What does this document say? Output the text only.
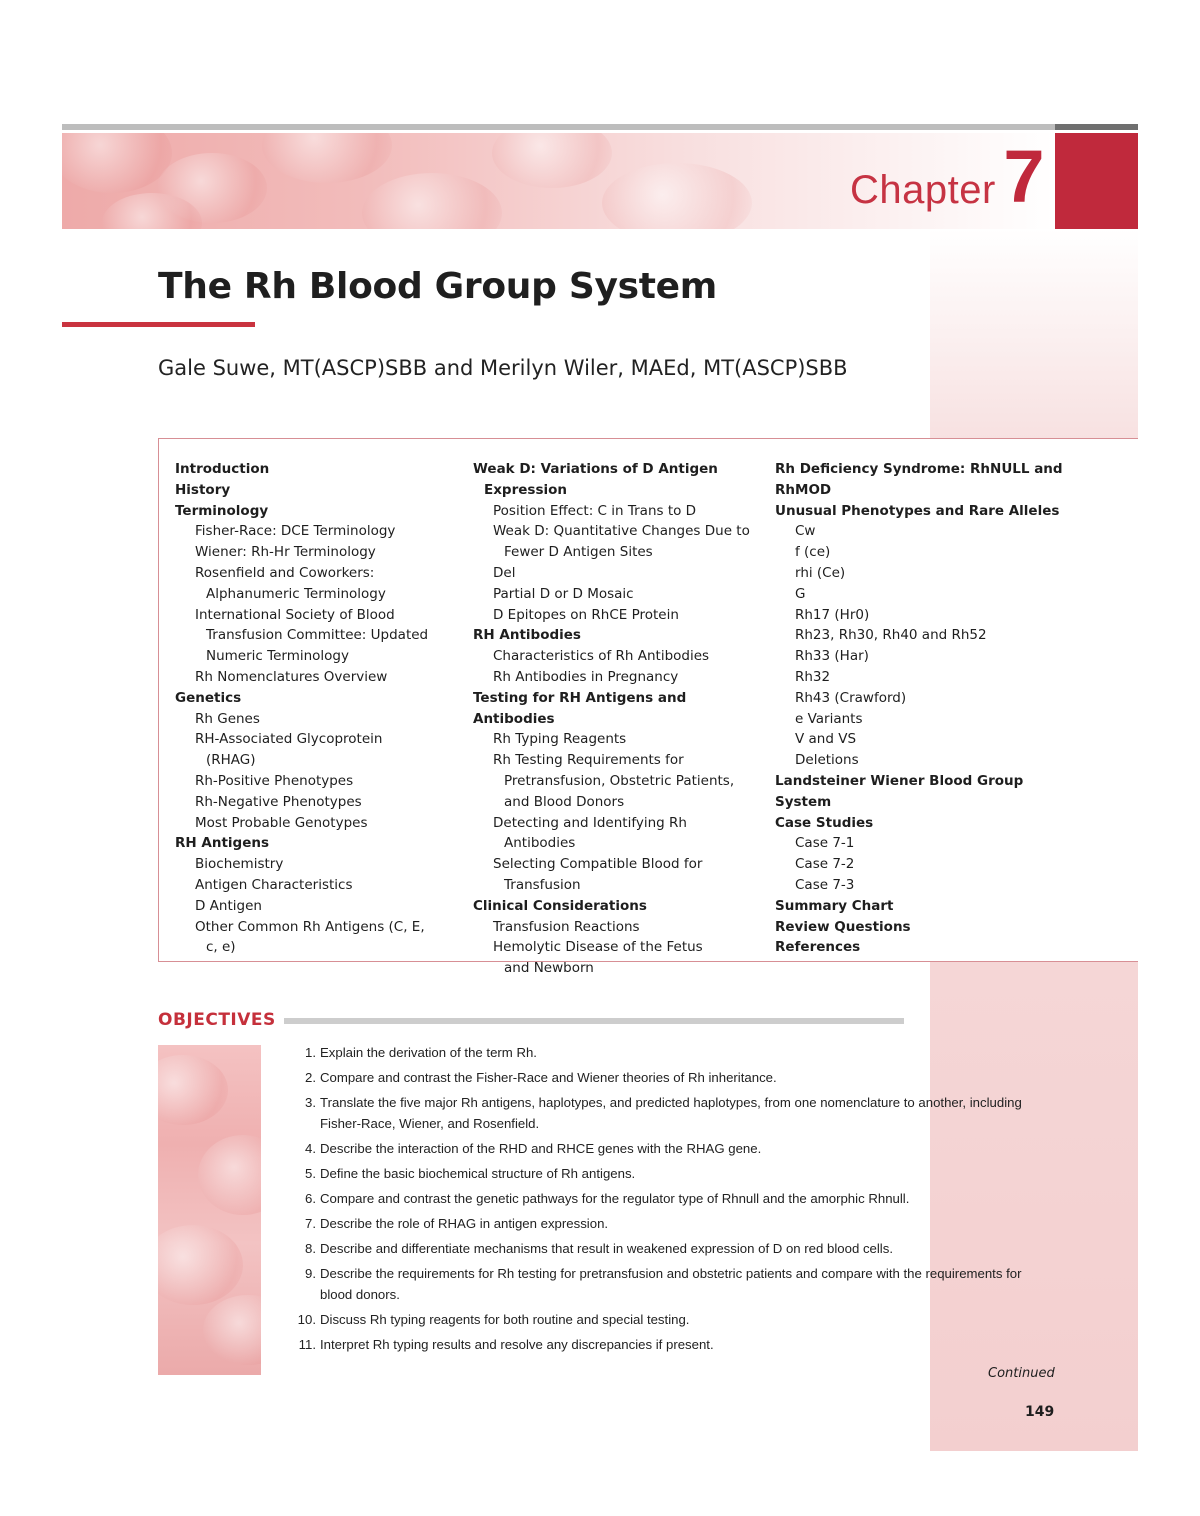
Chapter 7
The Rh Blood Group System
Gale Suwe, MT(ASCP)SBB and Merilyn Wiler, MAEd, MT(ASCP)SBB
Introduction
History
Terminology
Fisher-Race: DCE Terminology
Wiener: Rh-Hr Terminology
Rosenfield and Coworkers:
Alphanumeric Terminology
International Society of Blood
Transfusion Committee: Updated
Numeric Terminology
Rh Nomenclatures Overview
Genetics
Rh Genes
RH-Associated Glycoprotein
(RHAG)
Rh-Positive Phenotypes
Rh-Negative Phenotypes
Most Probable Genotypes
RH Antigens
Biochemistry
Antigen Characteristics
D Antigen
Other Common Rh Antigens (C, E,
c, e)
Weak D: Variations of D Antigen
Expression
Position Effect: C in Trans to D
Weak D: Quantitative Changes Due to
Fewer D Antigen Sites
Del
Partial D or D Mosaic
D Epitopes on RhCE Protein
RH Antibodies
Characteristics of Rh Antibodies
Rh Antibodies in Pregnancy
Testing for RH Antigens and Antibodies
Rh Typing Reagents
Rh Testing Requirements for
Pretransfusion, Obstetric Patients,
and Blood Donors
Detecting and Identifying Rh
Antibodies
Selecting Compatible Blood for
Transfusion
Clinical Considerations
Transfusion Reactions
Hemolytic Disease of the Fetus
and Newborn
Rh Deficiency Syndrome: RhNULL and RhMOD
Unusual Phenotypes and Rare Alleles
Cw
f (ce)
rhi (Ce)
G
Rh17 (Hr0)
Rh23, Rh30, Rh40 and Rh52
Rh33 (Har)
Rh32
Rh43 (Crawford)
e Variants
V and VS
Deletions
Landsteiner Wiener Blood Group System
Case Studies
Case 7-1
Case 7-2
Case 7-3
Summary Chart
Review Questions
References
OBJECTIVES
1. Explain the derivation of the term Rh.
2. Compare and contrast the Fisher-Race and Wiener theories of Rh inheritance.
3. Translate the five major Rh antigens, haplotypes, and predicted haplotypes, from one nomenclature to another, including Fisher-Race, Wiener, and Rosenfield.
4. Describe the interaction of the RHD and RHCE genes with the RHAG gene.
5. Define the basic biochemical structure of Rh antigens.
6. Compare and contrast the genetic pathways for the regulator type of Rhnull and the amorphic Rhnull.
7. Describe the role of RHAG in antigen expression.
8. Describe and differentiate mechanisms that result in weakened expression of D on red blood cells.
9. Describe the requirements for Rh testing for pretransfusion and obstetric patients and compare with the requirements for blood donors.
10. Discuss Rh typing reagents for both routine and special testing.
11. Interpret Rh typing results and resolve any discrepancies if present.
Continued
149
